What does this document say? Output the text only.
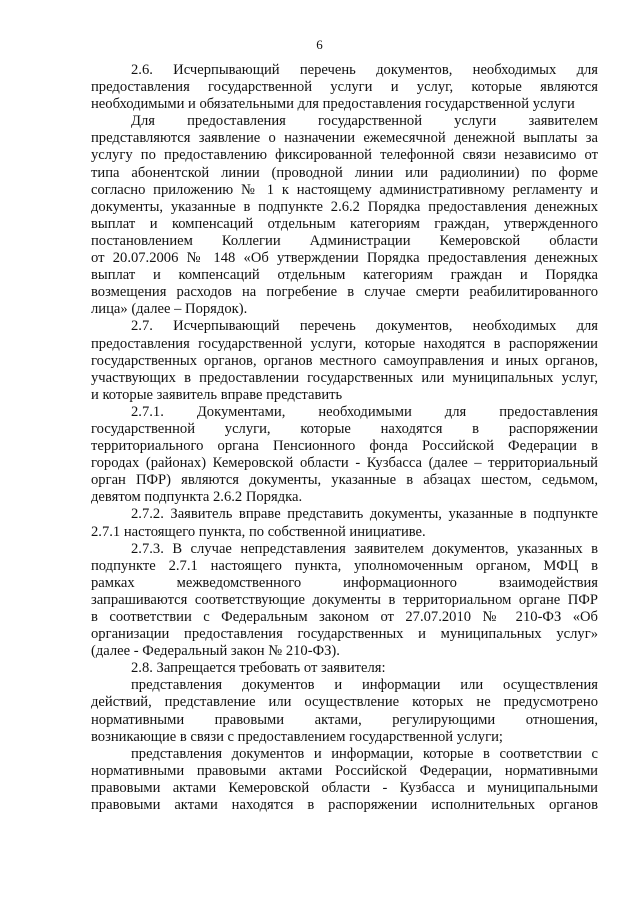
6

2.6. Исчерпывающий перечень документов, необходимых для
предоставления государственной услуги и услуг, которые являются
необходимыми и обязательными для предоставления государственной услуги

Для предоставления государственной услуги заявителем
представляются заявление о назначении ежемесячной денежной выплаты за
услугу по предоставлению фиксированной телефонной связи независимо от
типа абонентской линии (проводной линии или радиолинии) по форме
согласно приложению № 1 к настоящему административному регламенту и
документы, указанные в подпункте 2.6.2 Порядка предоставления денежных
выплат и компенсаций отдельным категориям граждан, утвержденного
постановлением Коллегии Администрации Кемеровской области
от 20.07.2006 № 148 «Об утверждении Порядка предоставления денежных
выплат и компенсаций отдельным категориям граждан и Порядка
возмещения расходов на погребение в случае смерти реабилитированного
лица» (далее – Порядок).

2.7. Исчерпывающий перечень документов, необходимых для
предоставления государственной услуги, которые находятся в распоряжении
государственных органов, органов местного самоуправления и иных органов,
участвующих в предоставлении государственных или муниципальных услуг,
и которые заявитель вправе представить

2.7.1. Документами, необходимыми для предоставления
государственной услуги, которые находятся в распоряжении
территориального органа Пенсионного фонда Российской Федерации в
городах (районах) Кемеровской области - Кузбасса (далее – территориальный
орган ПФР) являются документы, указанные в абзацах шестом, седьмом,
девятом подпункта 2.6.2 Порядка.

2.7.2. Заявитель вправе представить документы, указанные в подпункте
2.7.1 настоящего пункта, по собственной инициативе.

2.7.3. В случае непредставления заявителем документов, указанных в
подпункте 2.7.1 настоящего пункта, уполномоченным органом, МФЦ в
рамках межведомственного информационного взаимодействия
запрашиваются соответствующие документы в территориальном органе ПФР
в соответствии с Федеральным законом от 27.07.2010 № 210-ФЗ «Об
организации предоставления государственных и муниципальных услуг»
(далее - Федеральный закон № 210-ФЗ).

2.8. Запрещается требовать от заявителя:

представления документов и информации или осуществления
действий, представление или осуществление которых не предусмотрено
нормативными правовыми актами, регулирующими отношения,
возникающие в связи с предоставлением государственной услуги;

представления документов и информации, которые в соответствии с
нормативными правовыми актами Российской Федерации, нормативными
правовыми актами Кемеровской области - Кузбасса и муниципальными
правовыми актами находятся в распоряжении исполнительных органов
